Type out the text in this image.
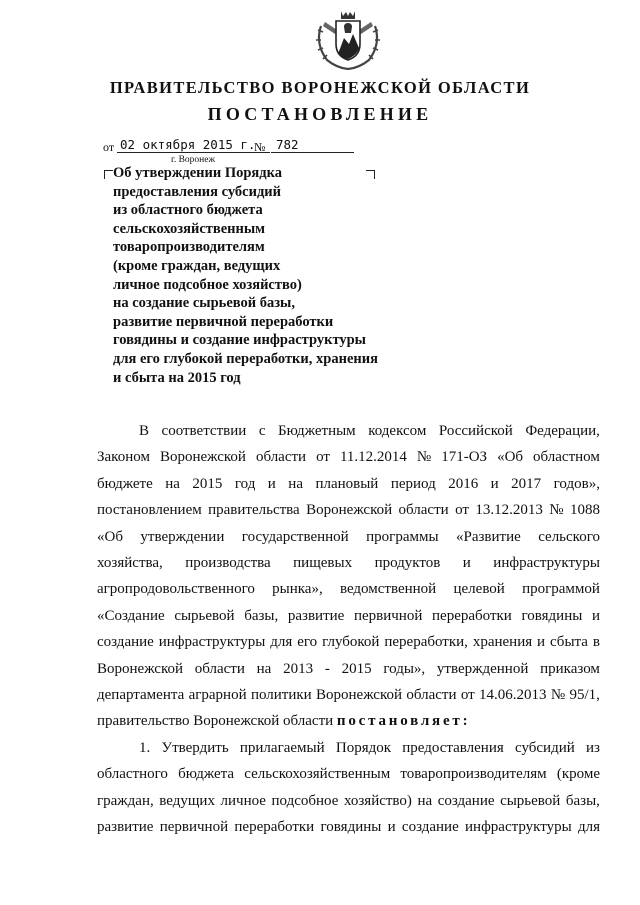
ПРАВИТЕЛЬСТВО ВОРОНЕЖСКОЙ ОБЛАСТИ
ПОСТАНОВЛЕНИЕ
от 02 октября 2015 г.
№ 782
г. Воронеж
Об утверждении Порядка
предоставления субсидий
из областного бюджета
сельскохозяйственным
товаропроизводителям
(кроме граждан, ведущих
личное подсобное хозяйство)
на создание сырьевой базы,
развитие первичной переработки
говядины и создание инфраструктуры
для его глубокой переработки, хранения
и сбыта на 2015 год
В соответствии с Бюджетным кодексом Российской Федерации,
Законом Воронежской области от 11.12.2014 № 171-ОЗ «Об областном
бюджете на 2015 год и на плановый период 2016 и 2017 годов»,
постановлением правительства Воронежской области от 13.12.2013 № 1088
«Об утверждении государственной программы «Развитие сельского
хозяйства, производства пищевых продуктов и инфраструктуры
агропродовольственного рынка», ведомственной целевой программой
«Создание сырьевой базы, развитие первичной переработки говядины и
создание инфраструктуры для его глубокой переработки, хранения и сбыта в
Воронежской области на 2013 - 2015 годы», утвержденной приказом
департамента аграрной политики Воронежской области от 14.06.2013 № 95/1,
правительство Воронежской области
постановляет:
1. Утвердить прилагаемый Порядок предоставления субсидий из
областного бюджета сельскохозяйственным товаропроизводителям (кроме
граждан, ведущих личное подсобное хозяйство) на создание сырьевой базы,
развитие первичной переработки говядины и создание инфраструктуры для
